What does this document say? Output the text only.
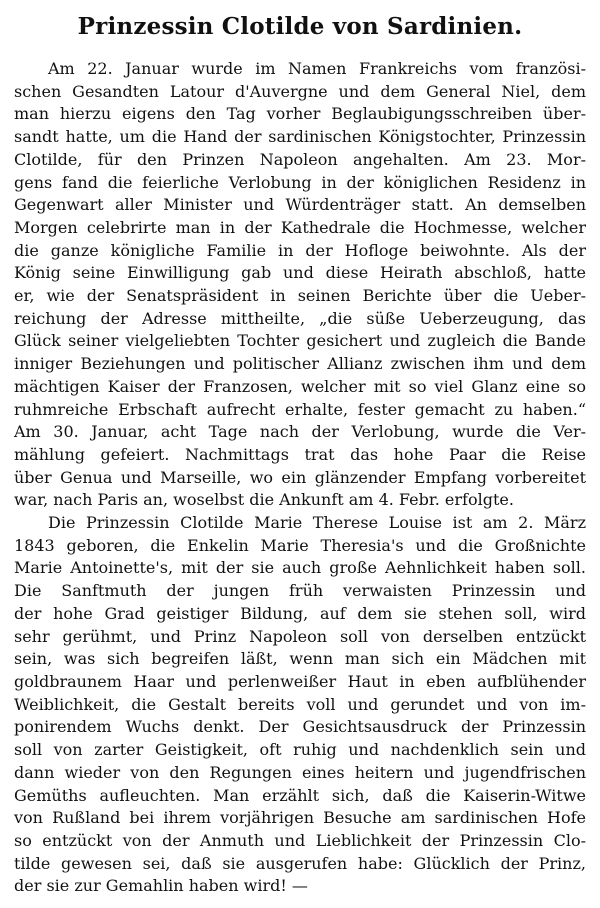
Prinzessin Clotilde von Sardinien.
Am 22. Januar wurde im Namen Frankreichs vom französi-
schen Gesandten Latour d'Auvergne und dem General Niel, dem
man hierzu eigens den Tag vorher Beglaubigungsschreiben über-
sandt hatte, um die Hand der sardinischen Königstochter, Prinzessin
Clotilde, für den Prinzen Napoleon angehalten. Am 23. Mor-
gens fand die feierliche Verlobung in der königlichen Residenz in
Gegenwart aller Minister und Würdenträger statt. An demselben
Morgen celebrirte man in der Kathedrale die Hochmesse, welcher
die ganze königliche Familie in der Hofloge beiwohnte. Als der
König seine Einwilligung gab und diese Heirath abschloß, hatte
er, wie der Senatspräsident in seinen Berichte über die Ueber-
reichung der Adresse mittheilte, „die süße Ueberzeugung, das
Glück seiner vielgeliebten Tochter gesichert und zugleich die Bande
inniger Beziehungen und politischer Allianz zwischen ihm und dem
mächtigen Kaiser der Franzosen, welcher mit so viel Glanz eine so
ruhmreiche Erbschaft aufrecht erhalte, fester gemacht zu haben.“
Am 30. Januar, acht Tage nach der Verlobung, wurde die Ver-
mählung gefeiert. Nachmittags trat das hohe Paar die Reise
über Genua und Marseille, wo ein glänzender Empfang vorbereitet
war, nach Paris an, woselbst die Ankunft am 4. Febr. erfolgte.
Die Prinzessin Clotilde Marie Therese Louise ist am 2. März
1843 geboren, die Enkelin Marie Theresia's und die Großnichte
Marie Antoinette's, mit der sie auch große Aehnlichkeit haben soll.
Die Sanftmuth der jungen früh verwaisten Prinzessin und
der hohe Grad geistiger Bildung, auf dem sie stehen soll, wird
sehr gerühmt, und Prinz Napoleon soll von derselben entzückt
sein, was sich begreifen läßt, wenn man sich ein Mädchen mit
goldbraunem Haar und perlenweißer Haut in eben aufblühender
Weiblichkeit, die Gestalt bereits voll und gerundet und von im-
ponirendem Wuchs denkt. Der Gesichtsausdruck der Prinzessin
soll von zarter Geistigkeit, oft ruhig und nachdenklich sein und
dann wieder von den Regungen eines heitern und jugendfrischen
Gemüths aufleuchten. Man erzählt sich, daß die Kaiserin-Witwe
von Rußland bei ihrem vorjährigen Besuche am sardinischen Hofe
so entzückt von der Anmuth und Lieblichkeit der Prinzessin Clo-
tilde gewesen sei, daß sie ausgerufen habe: Glücklich der Prinz,
der sie zur Gemahlin haben wird! —
